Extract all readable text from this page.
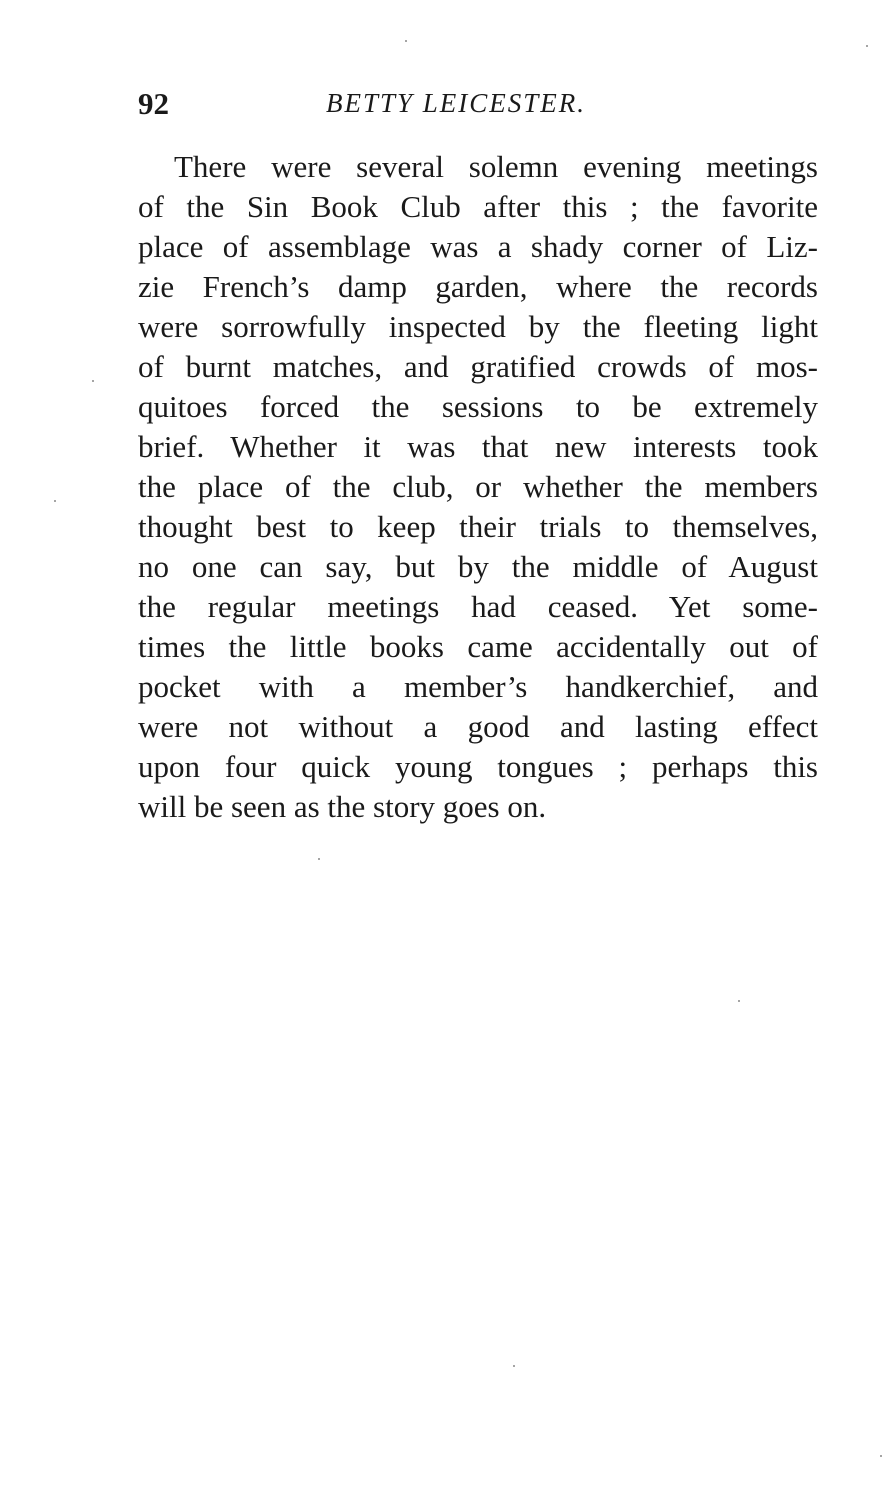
92	BETTY LEICESTER.
There were several solemn evening meetings
of the Sin Book Club after this ; the favorite
place of assemblage was a shady corner of Liz-
zie French’s damp garden, where the records
were sorrowfully inspected by the fleeting light
of burnt matches, and gratified crowds of mos-
quitoes forced the sessions to be extremely
brief. Whether it was that new interests took
the place of the club, or whether the members
thought best to keep their trials to themselves,
no one can say, but by the middle of August
the regular meetings had ceased. Yet some-
times the little books came accidentally out of
pocket with a member’s handkerchief, and
were not without a good and lasting effect
upon four quick young tongues ; perhaps this
will be seen as the story goes on.
